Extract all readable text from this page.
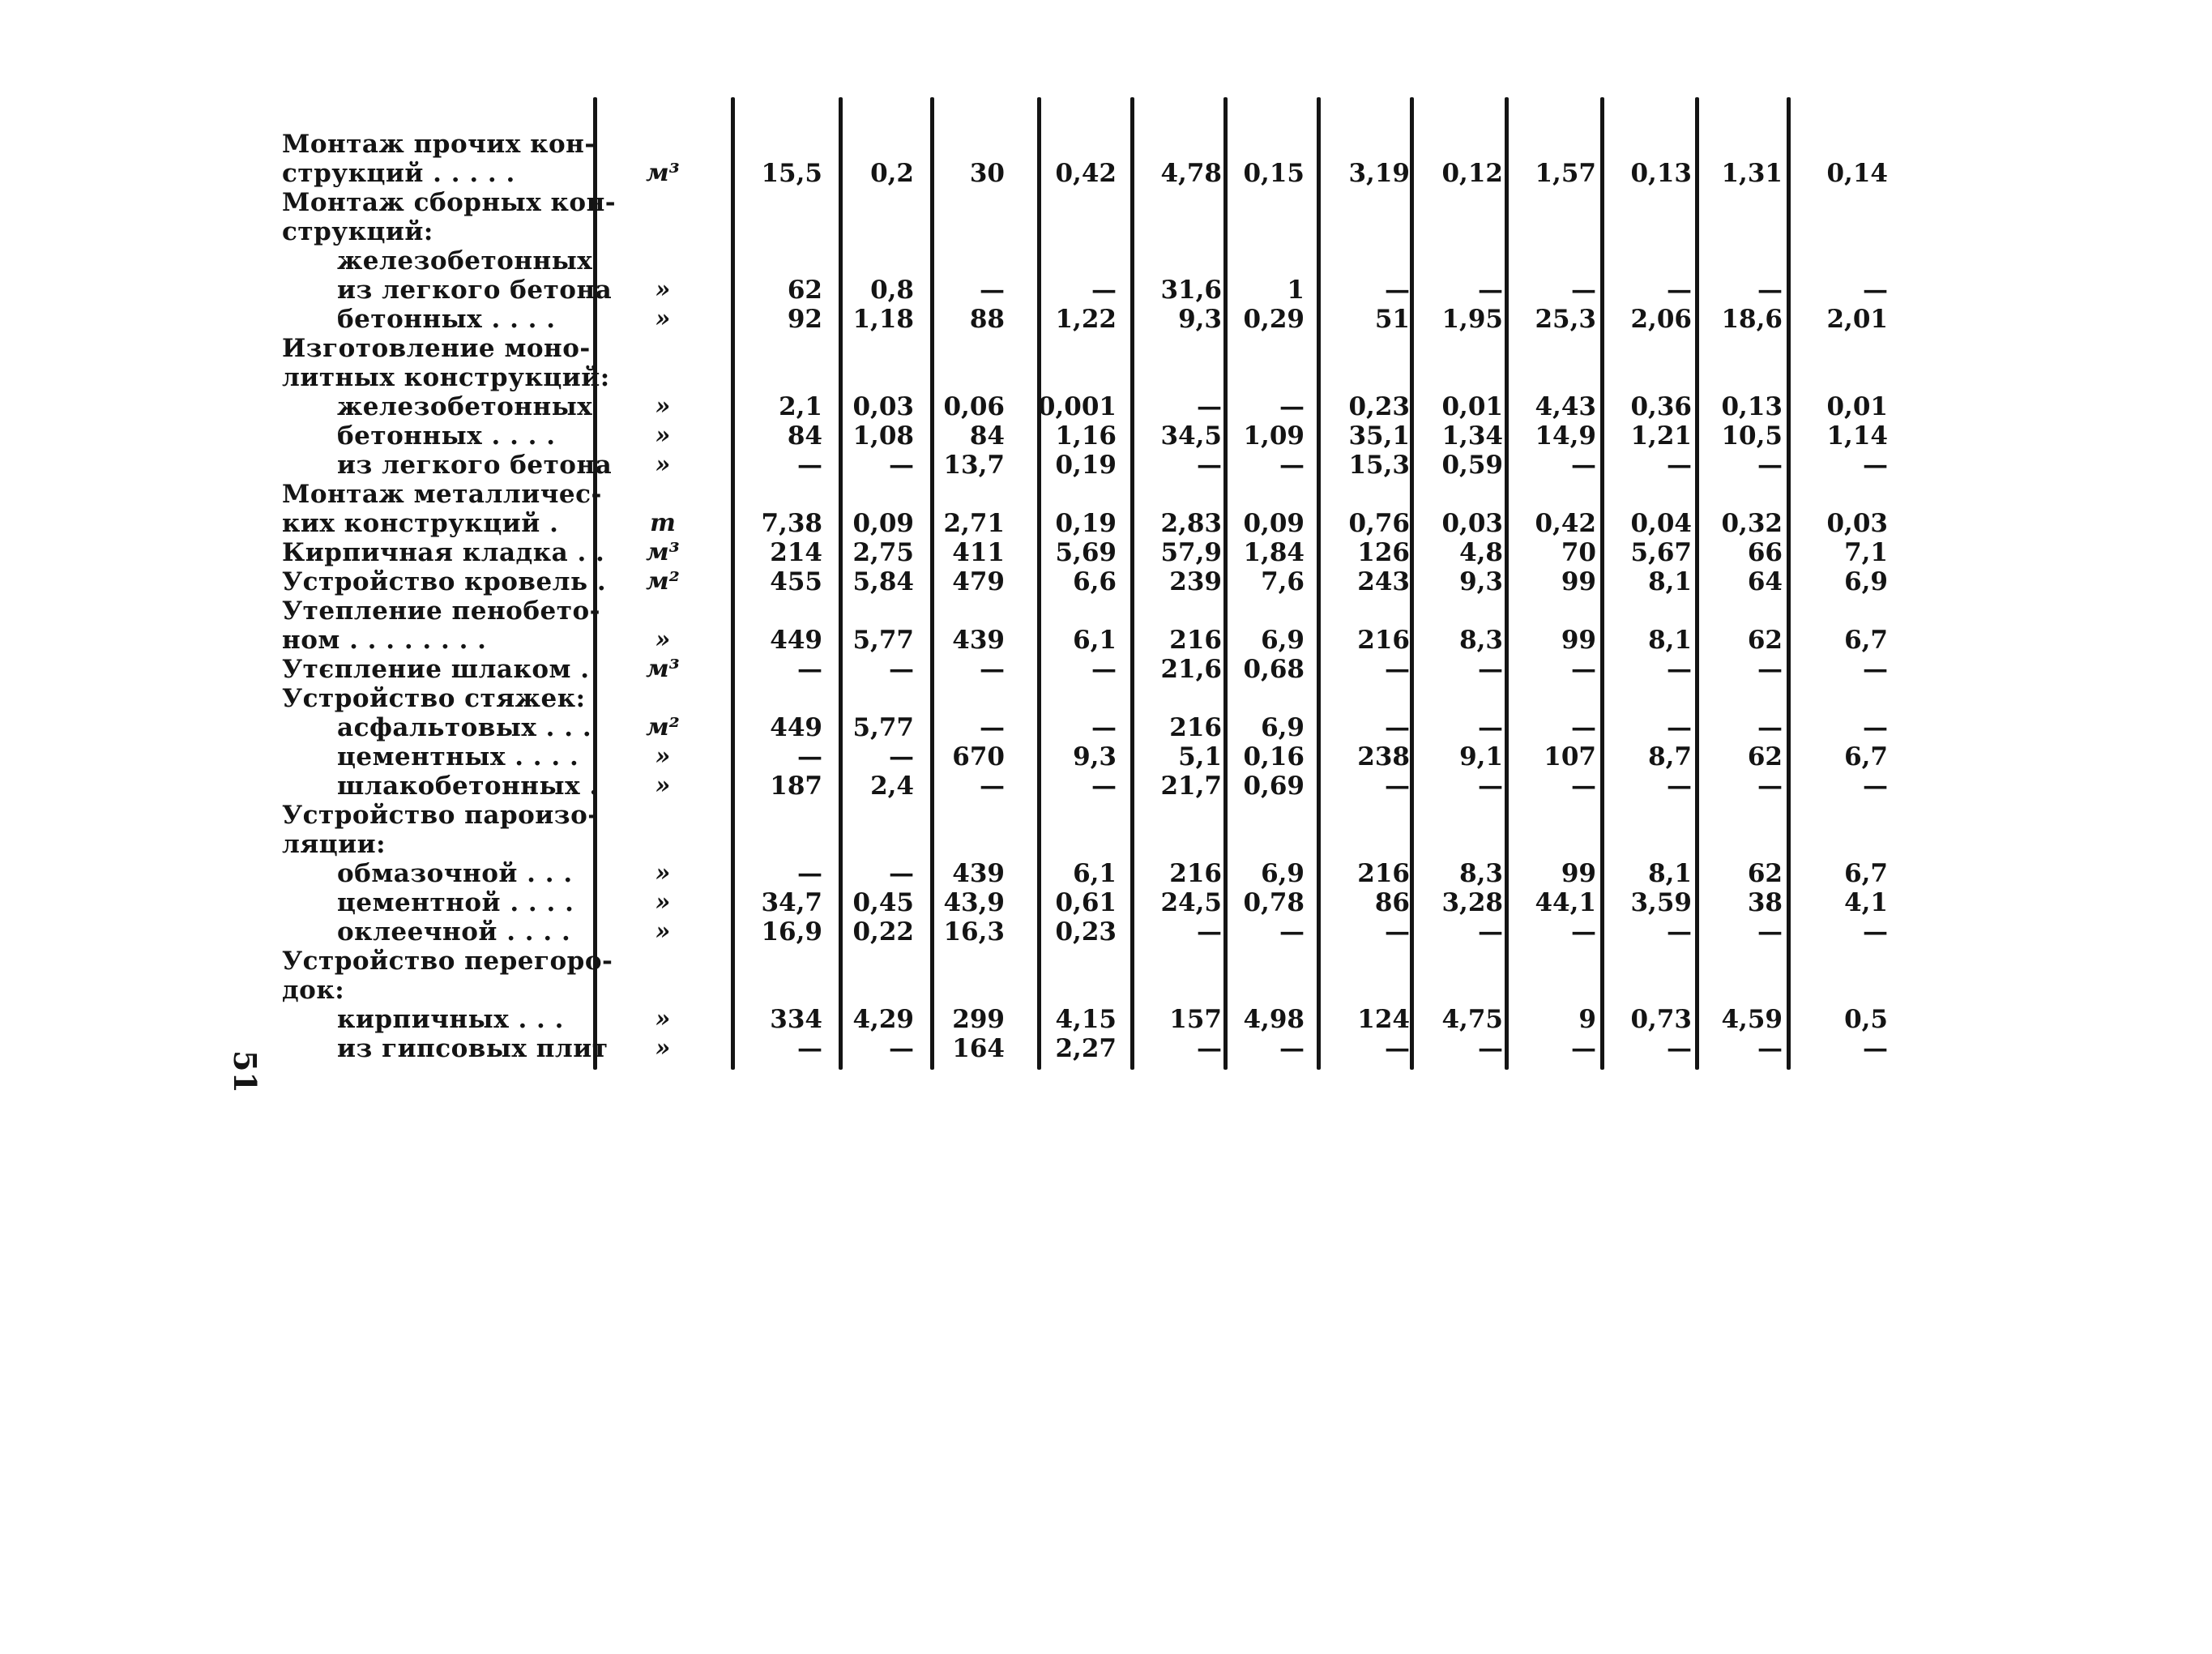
Монтаж прочих кон-
струкций . . . . .	м³	15,5 0,2 30 0,42 4,78 0,15 3,19 0,12 1,57 0,13 1,31 0,14
Монтаж сборных кон-
струкций:
железобетонных
из легкого бетона	»	62 0,8	—	— 31,6	1	—	—	—	—	—	—
бетонных . . . .	»	92 1,18 88 1,22 9,3 0,29	51 1,95 25,3 2,06 18,6 2,01
Изготовление моно-
литных конструкций:
железобетонных	»	2,1 0,03 0,06 0,001	— — 0,23 0,01 4,43 0,36 0,13 0,01
бетонных . . . .	»	84 1,08 84 1,16 34,5 1,09 35,1 1,34 14,9 1,21 10,5 1,14
из легкого бетона	»	—	— 13,7 0,19	— — 15,3 0,59	—	—	—	—
Монтаж металличес-
ких конструкций .	т	7,38 0,09 2,71 0,19 2,83 0,09 0,76 0,03 0,42 0,04 0,32 0,03
Кирпичная кладка . .	м³	214 2,75 411 5,69 57,9 1,84 126 4,8 70 5,67 66 7,1
Устройство кровель .	м²	455 5,84 479	6,6 239 7,6 243 9,3 99 8,1 64 6,9
Утепление пенобето-
ном . . . . . . . .	»	449 5,77 439	6,1 216 6,9 216 8,3 99 8,1 62 6,7
Утєпление шлаком .	м³	—	—	—	— 21,6 0,68	—	—	—	—	—	—
Устройство стяжек:
асфальтовых . . .	м²	449 5,77	—	— 216 6,9	—	—	—	—	—	—
цементных . . . .	»	—	— 670	9,3 5,1 0,16 238 9,1 107 8,7 62 6,7
шлакобетонных .	»	187 2,4	—	— 21,7 0,69	—	—	—	—	—	—
Устройство пароизо-
ляции:
обмазочной . . .	»	—	— 439	6,1 216 6,9 216 8,3 99 8,1 62 6,7
цементной . . . .	»	34,7 0,45 43,9 0,61 24,5 0,78	86 3,28 44,1 3,59 38 4,1
оклеечной . . . .	»	16,9 0,22 16,3 0,23	— —	—	—	—	—	—	—
Устройство перегоро-
док:
кирпичных . . .	»	334 4,29 299 4,15 157 4,98 124 4,75	9 0,73 4,59 0,5
из гипсовых плит	»	—	— 164 2,27	— —	—	—	—	—	—	—
51
